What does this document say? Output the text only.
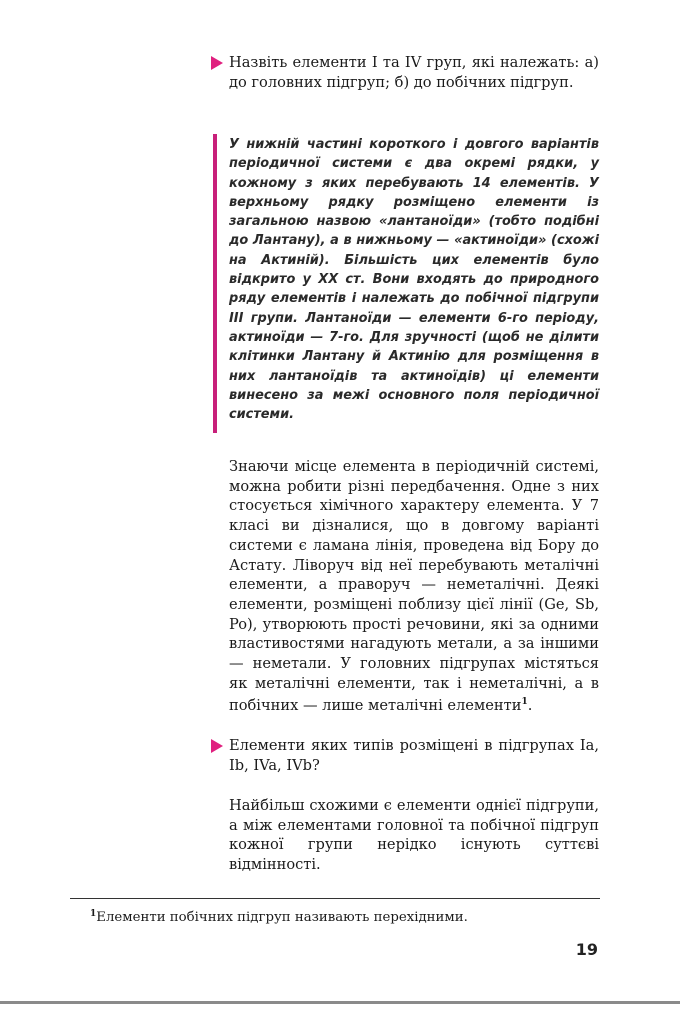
Назвіть елементи I та IV груп, які належать: а) до головних підгруп; б) до побічних підгруп.

У нижній частині короткого і довгого варіантів періодичної системи є два окремі рядки, у кожному з яких перебувають 14 елементів. У верхньому рядку розміщено елементи із загальною назвою «лантаноїди» (тобто подібні до Лантану), а в нижньому — «актиноїди» (схожі на Актиній). Більшість цих елементів було відкрито у XX ст. Вони входять до природного ряду елементів і належать до побічної підгрупи III групи. Лантаноїди — елементи 6-го періоду, актиноїди — 7-го. Для зручності (щоб не ділити клітинки Лантану й Актинію для розміщення в них лантаноїдів та актиноїдів) ці елементи винесено за межі основного поля періодичної системи.

Знаючи місце елемента в періодичній системі, можна робити різні передбачення. Одне з них стосується хімічного характеру елемента. У 7 класі ви дізналися, що в довгому варіанті системи є ламана лінія, проведена від Бору до Астату. Ліворуч від неї перебувають металічні елементи, а праворуч — неметалічні. Деякі елементи, розміщені поблизу цієї лінії (Ge, Sb, Po), утворюють прості речовини, які за одними властивостями нагадують метали, а за іншими — неметали. У головних підгрупах містяться як металічні елементи, так і неметалічні, а в побічних — лише металічні елементи$^1$.

Елементи яких типів розміщені в підгрупах Ia, Ib, IVa, IVb?

Найбільш схожими є елементи однієї підгрупи, а між елементами головної та побічної підгруп кожної групи нерідко існують суттєві відмінності.

$^1$Елементи побічних підгруп називають перехідними.
19
